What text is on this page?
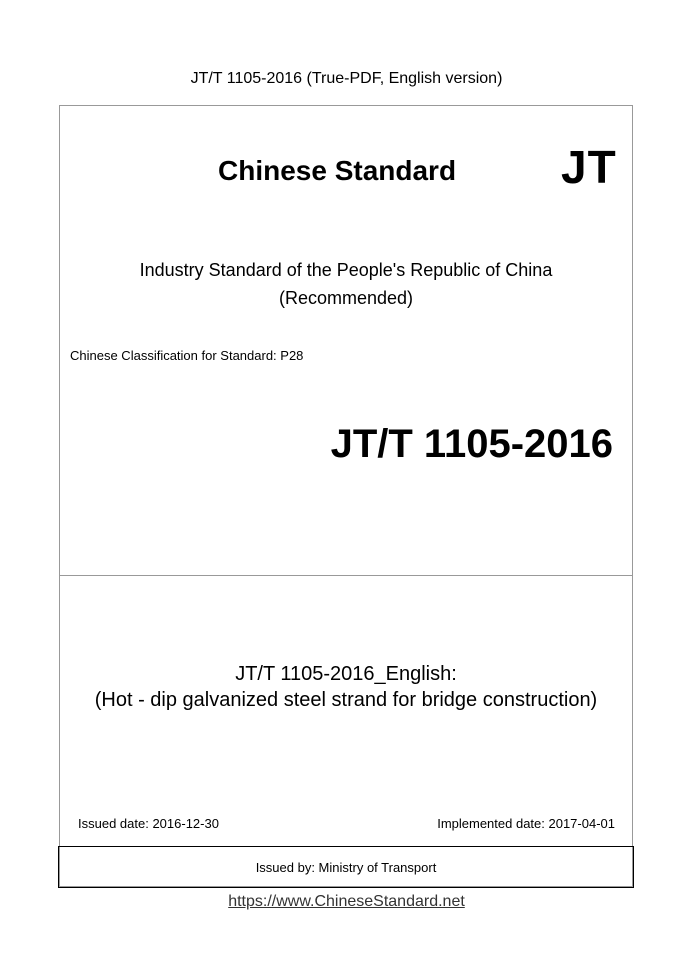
JT/T 1105-2016 (True-PDF, English version)
Chinese Standard JT
Industry Standard of the People's Republic of China
(Recommended)
Chinese Classification for Standard: P28
JT/T 1105-2016
JT/T 1105-2016_English:
(Hot - dip galvanized steel strand for bridge construction)
Issued date: 2016-12-30	Implemented date: 2017-04-01
Issued by: Ministry of Transport
https://www.ChineseStandard.net
